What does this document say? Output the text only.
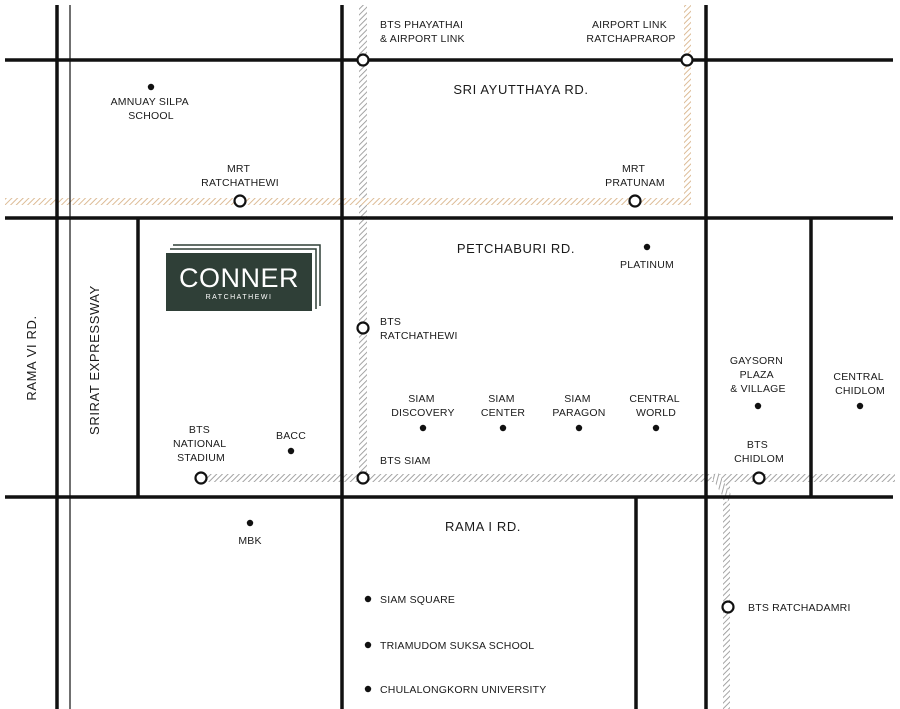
CONNER
RATCHATHEWI
SRI AYUTTHAYA RD.
PETCHABURI RD.
RAMA I RD.
RAMA VI RD.	SRIRAT EXPRESSWAY
BTS PHAYATHAI & AIRPORT LINK
AIRPORT LINK RATCHAPRAROP
MRT RATCHATHEWI
MRT PRATUNAM
BTS RATCHATHEWI
BTS NATIONAL STADIUM	BTS SIAM
BTS CHIDLOM
BTS RATCHADAMRI
AMNUAY SILPA SCHOOL
PLATINUM
GAYSORN PLAZA & VILLAGE
CENTRAL CHIDLOM
SIAM DISCOVERY
SIAM CENTER
SIAM PARAGON
CENTRAL WORLD
BACC
MBK
SIAM SQUARE
TRIAMUDOM SUKSA SCHOOL
CHULALONGKORN UNIVERSITY
